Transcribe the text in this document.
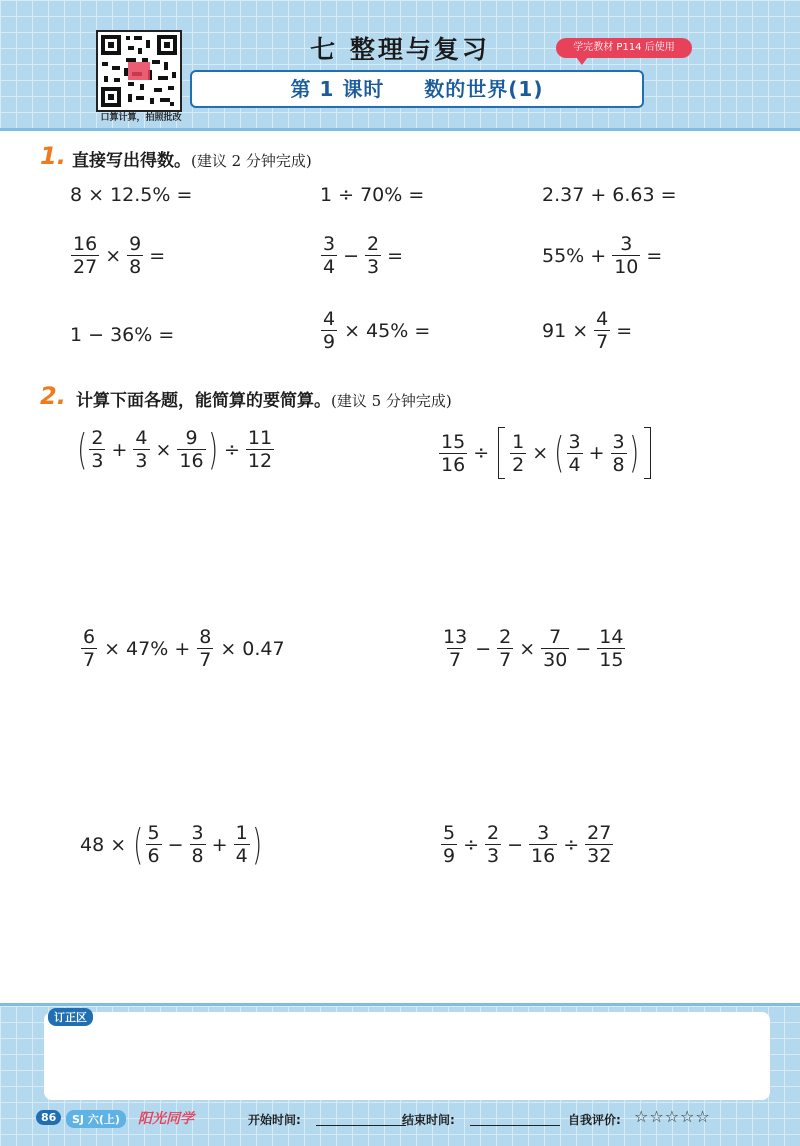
口算计算，拍照批改
七 整理与复习
第 1 课时 数的世界(1)
学完教材 P114 后使用
1. 直接写出得数。(建议 2 分钟完成)
8 × 12.5% =	1 ÷ 70% =	2.37 + 6.63 =
$\frac{16}{27} \times \frac{9}{8}$ =	$\frac{3}{4} - \frac{2}{3}$ =	$55\% + \frac{3}{10}$ =
1 − 36% =	$\frac{4}{9} \times 45\%$ =	$91 \times \frac{4}{7}$ =
2. 计算下面各题，能简算的要简算。(建议 5 分钟完成)
( $\frac{2}{3} + \frac{4}{3} \times \frac{9}{16}$ ) ÷ $\frac{11}{12}$	$\frac{15}{16} \div \frac{1}{2}$ × ( $\frac{3}{4} + \frac{3}{8}$ )
$\frac{6}{7} \times 47\% + \frac{8}{7} \times 0.47$	$\frac{13}{7} - \frac{2}{7} \times \frac{7}{30} - \frac{14}{15}$
48 × ( $\frac{5}{6} - \frac{3}{8} + \frac{1}{4}$ )	$\frac{5}{9} \div \frac{2}{3} - \frac{3}{16} \div \frac{27}{32}$
订正区
86	SJ 六(上)	阳光同学	开始时间:	结束时间:	自我评价: ☆☆☆☆☆
